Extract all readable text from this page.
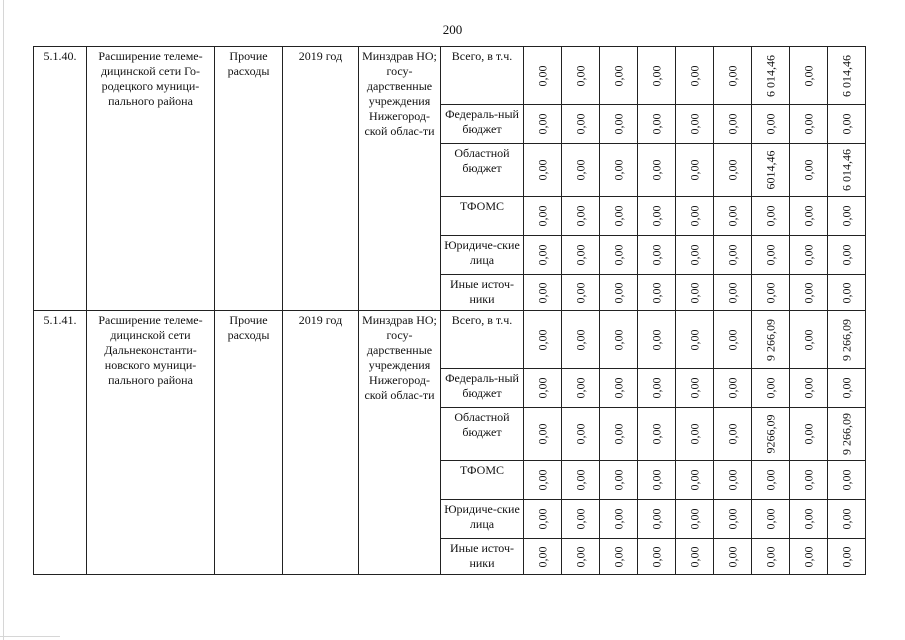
200
5.1.40.	Расширение телеме-дицинской сети Го-родецкого муници-пального района	Прочие расходы	2019 год	Минздрав НО; госу-дарственные учреждения Нижегород-ской облас-ти	Всего, в т.ч.	0,00	0,00	0,00	0,00	0,00	0,00	6 014,46	0,00	6 014,46

					Федераль-ный бюджет	0,00	0,00	0,00	0,00	0,00	0,00	0,00	0,00	0,00

					Областной бюджет	0,00	0,00	0,00	0,00	0,00	0,00	6014,46	0,00	6 014,46

					ТФОМС	0,00	0,00	0,00	0,00	0,00	0,00	0,00	0,00	0,00

					Юридиче-ские лица	0,00	0,00	0,00	0,00	0,00	0,00	0,00	0,00	0,00

					Иные источ-ники	0,00	0,00	0,00	0,00	0,00	0,00	0,00	0,00	0,00

5.1.41.	Расширение телеме-дицинской сети Дальнеконстанти-новского муници-пального района	Прочие расходы	2019 год	Минздрав НО; госу-дарственные учреждения Нижегород-ской облас-ти	Всего, в т.ч.	0,00	0,00	0,00	0,00	0,00	0,00	9 266,09	0,00	9 266,09

					Федераль-ный бюджет	0,00	0,00	0,00	0,00	0,00	0,00	0,00	0,00	0,00

					Областной бюджет	0,00	0,00	0,00	0,00	0,00	0,00	9266,09	0,00	9 266,09

					ТФОМС	0,00	0,00	0,00	0,00	0,00	0,00	0,00	0,00	0,00

					Юридиче-ские лица	0,00	0,00	0,00	0,00	0,00	0,00	0,00	0,00	0,00

					Иные источ-ники	0,00	0,00	0,00	0,00	0,00	0,00	0,00	0,00	0,00
